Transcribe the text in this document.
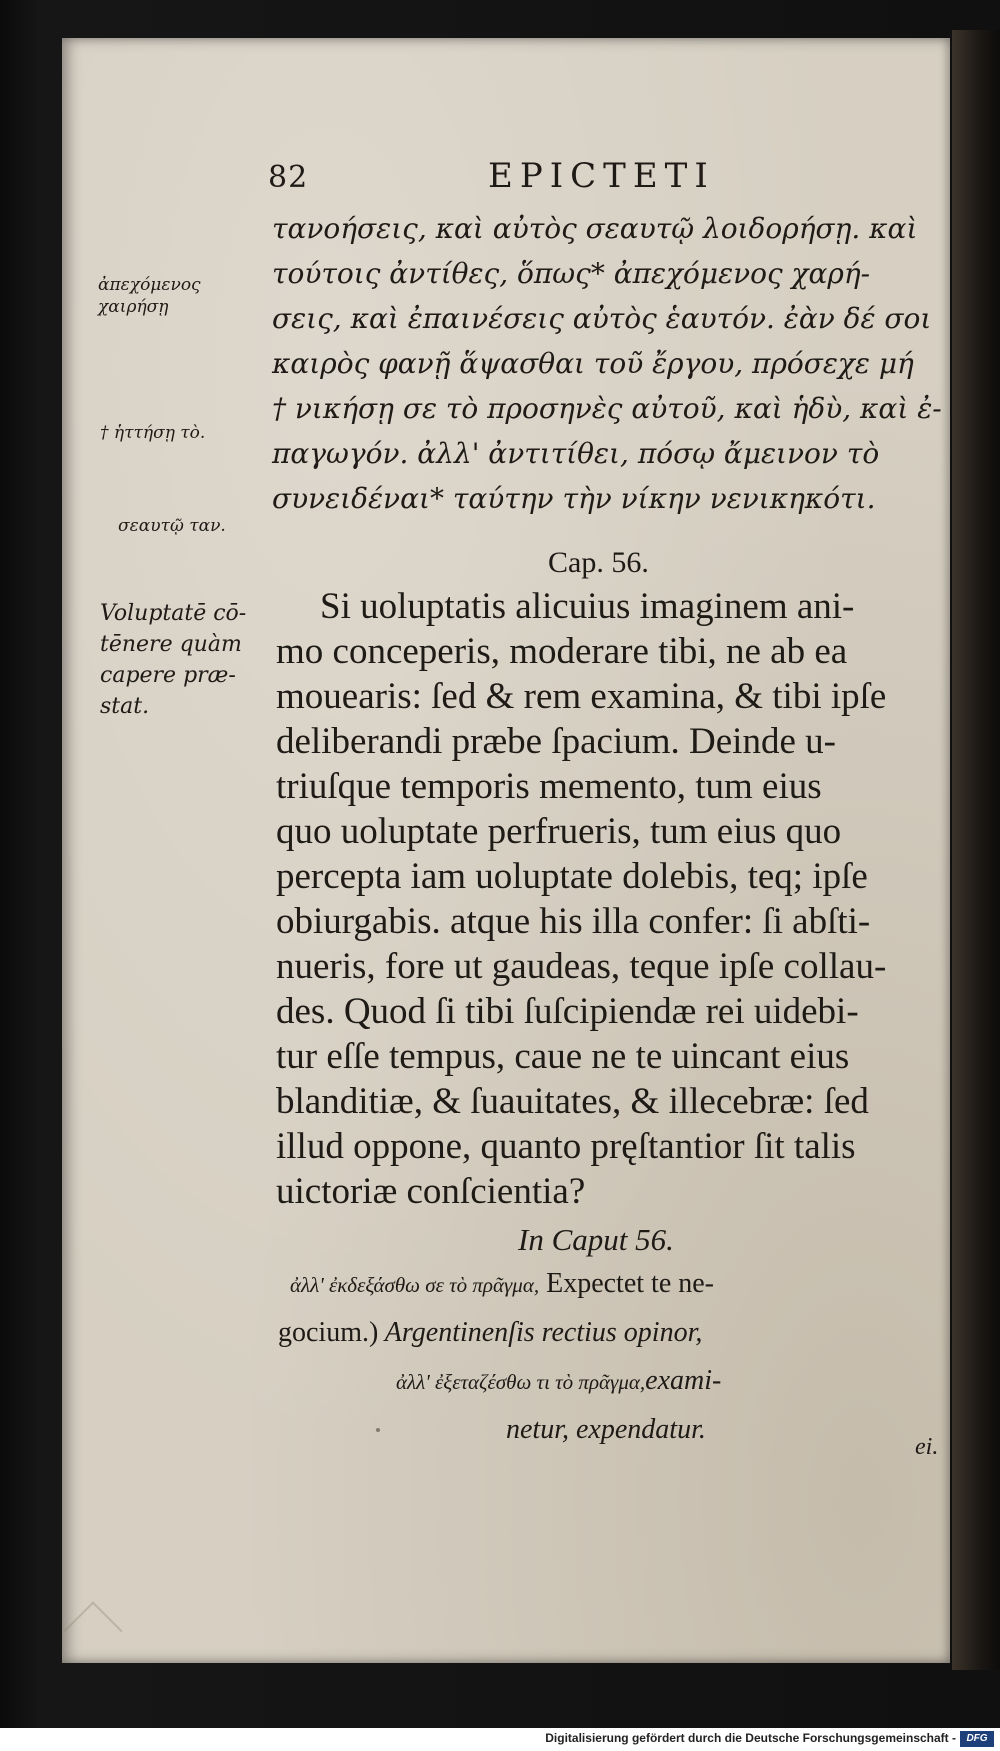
82	EPICTETI
τανοήσεις, καὶ αὐτὸς σεαυτῷ λοιδορήσῃ. καὶ
τούτοις ἀντίθες, ὅπως* ἀπεχόμενος χαρή-
σεις, καὶ ἐπαινέσεις αὐτὸς ἑαυτόν. ἐὰν δέ σοι
καιρὸς φανῇ ἅψασθαι τοῦ ἔργου, πρόσεχε μή
† νικήσῃ σε τὸ προσηνὲς αὐτοῦ, καὶ ἡδὺ, καὶ ἐ-
παγωγόν. ἀλλ' ἀντιτίθει, πόσῳ ἄμεινον τὸ
συνειδέναι* ταύτην τὴν νίκην νενικηκότι.
ἀπεχόμενος
χαιρήσῃ
† ἡττήσῃ τὸ.
σεαυτῷ ταν.
Voluptatē cō-
tēnere quàm
capere præ-
stat.
Cap. 56.
Si uoluptatis alicuius imaginem ani-
mo conceperis, moderare tibi, ne ab ea
mouearis: ſed & rem examina, & tibi ipſe
deliberandi præbe ſpacium. Deinde u-
triuſque temporis memento, tum eius
quo uoluptate perfrueris, tum eius quo
percepta iam uoluptate dolebis, teq; ipſe
obiurgabis. atque his illa confer: ſi abſti-
nueris, fore ut gaudeas, teque ipſe collau-
des. Quod ſi tibi ſuſcipiendæ rei uidebi-
tur eſſe tempus, caue ne te uincant eius
blanditiæ, & ſuauitates, & illecebræ: ſed
illud oppone, quanto pręſtantior ſit talis
uictoriæ conſcientia?
In Caput 56.
ἀλλ' ἐκδεξάσθω σε τὸ πρᾶγμα, Expectet te ne-
gocium.) Argentinenſis rectius opinor,
ἀλλ' ἐξεταζέσθω τι τὸ πρᾶγμα,exami-
netur, expendatur.
ei.
Digitalisierung gefördert durch die Deutsche Forschungsgemeinschaft -	DFG
